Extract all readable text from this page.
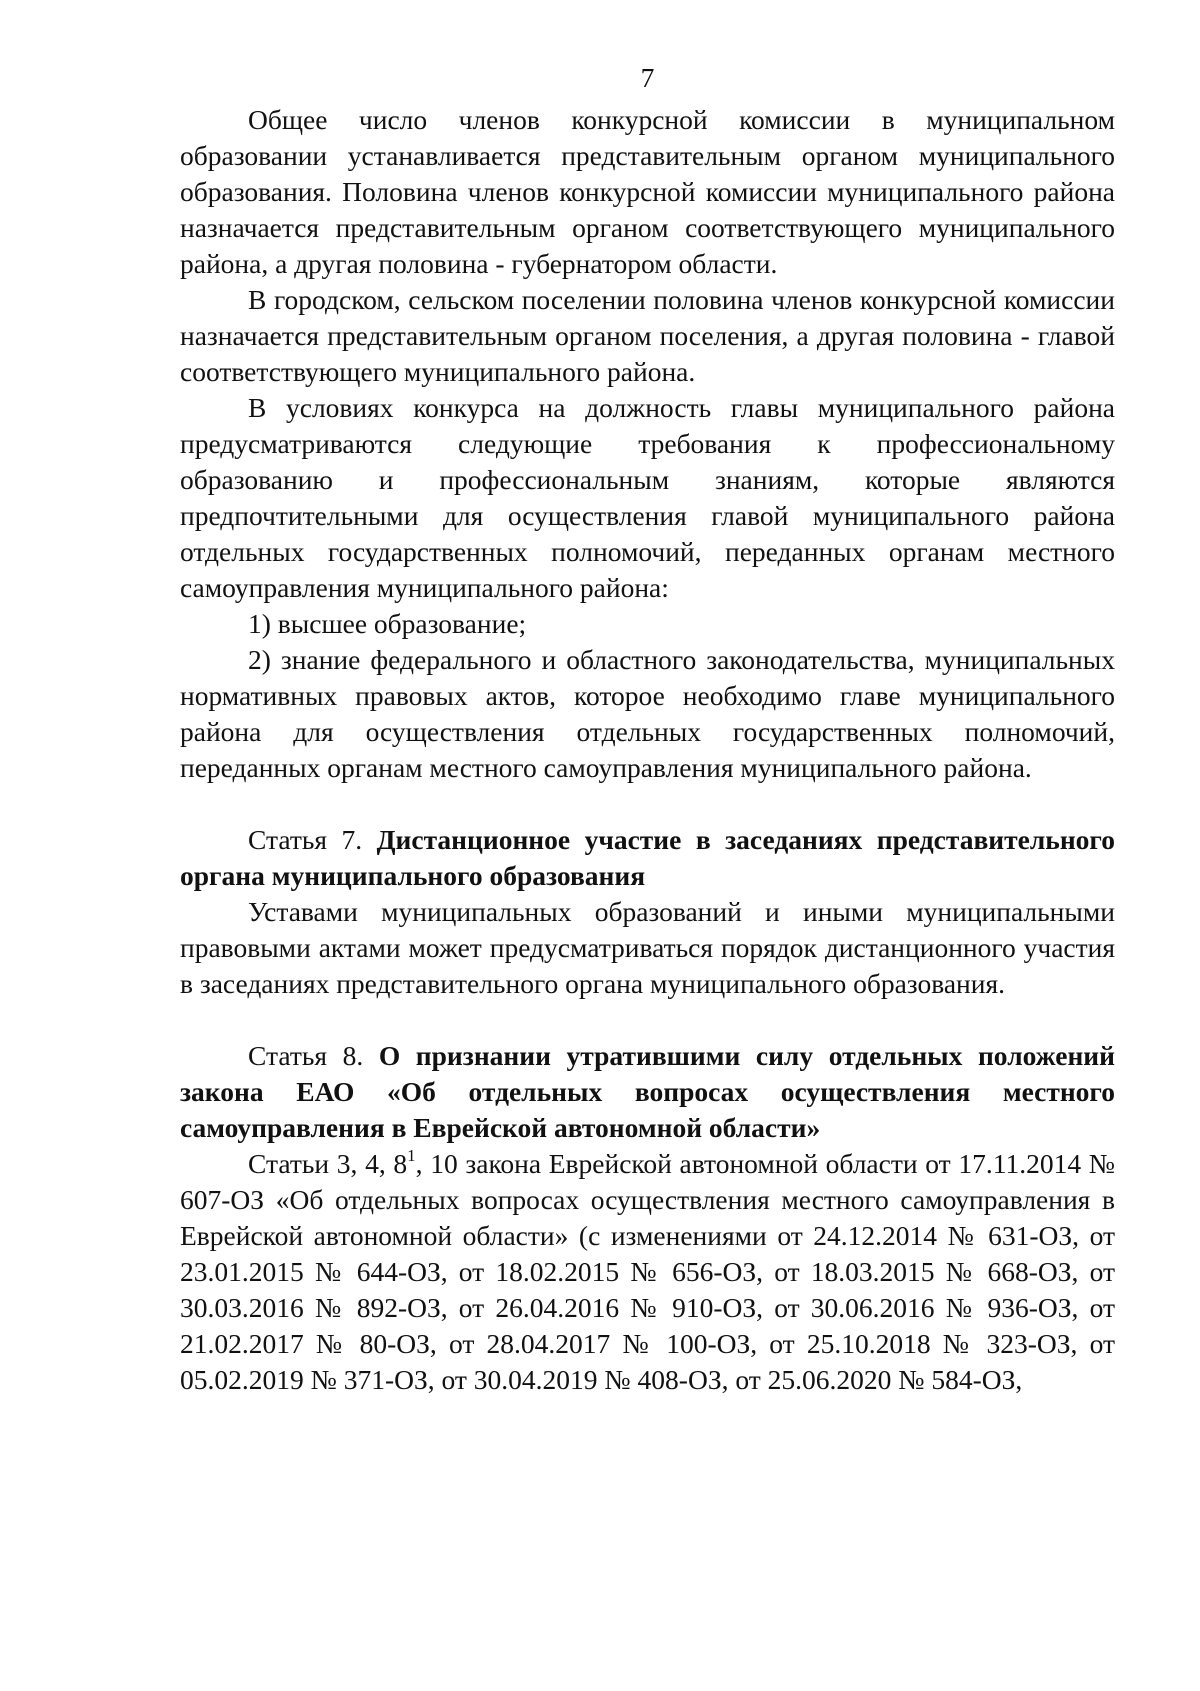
7

Общее число членов конкурсной комиссии в муниципальном образовании устанавливается представительным органом муниципального образования. Половина членов конкурсной комиссии муниципального района назначается представительным органом соответствующего муниципального района, а другая половина - губернатором области.

В городском, сельском поселении половина членов конкурсной комиссии назначается представительным органом поселения, а другая половина - главой соответствующего муниципального района.

В условиях конкурса на должность главы муниципального района предусматриваются следующие требования к профессиональному образованию и профессиональным знаниям, которые являются предпочтительными для осуществления главой муниципального района отдельных государственных полномочий, переданных органам местного самоуправления муниципального района:

1) высшее образование;

2) знание федерального и областного законодательства, муниципальных нормативных правовых актов, которое необходимо главе муниципального района для осуществления отдельных государственных полномочий, переданных органам местного самоуправления муниципального района.

Статья 7. Дистанционное участие в заседаниях представительного органа муниципального образования

Уставами муниципальных образований и иными муниципальными правовыми актами может предусматриваться порядок дистанционного участия в заседаниях представительного органа муниципального образования.

Статья 8. О признании утратившими силу отдельных положений закона ЕАО «Об отдельных вопросах осуществления местного самоуправления в Еврейской автономной области»

Статьи 3, 4, $8^1$, 10 закона Еврейской автономной области от 17.11.2014 № 607-ОЗ «Об отдельных вопросах осуществления местного самоуправления в Еврейской автономной области» (с изменениями от 24.12.2014 № 631-ОЗ, от 23.01.2015 № 644-ОЗ, от 18.02.2015 № 656-ОЗ, от 18.03.2015 № 668-ОЗ, от 30.03.2016 № 892-ОЗ, от 26.04.2016 № 910-ОЗ, от 30.06.2016 № 936-ОЗ, от 21.02.2017 № 80-ОЗ, от 28.04.2017 № 100-ОЗ, от 25.10.2018 № 323-ОЗ, от 05.02.2019 № 371-ОЗ, от 30.04.2019 № 408-ОЗ, от 25.06.2020 № 584-ОЗ,
